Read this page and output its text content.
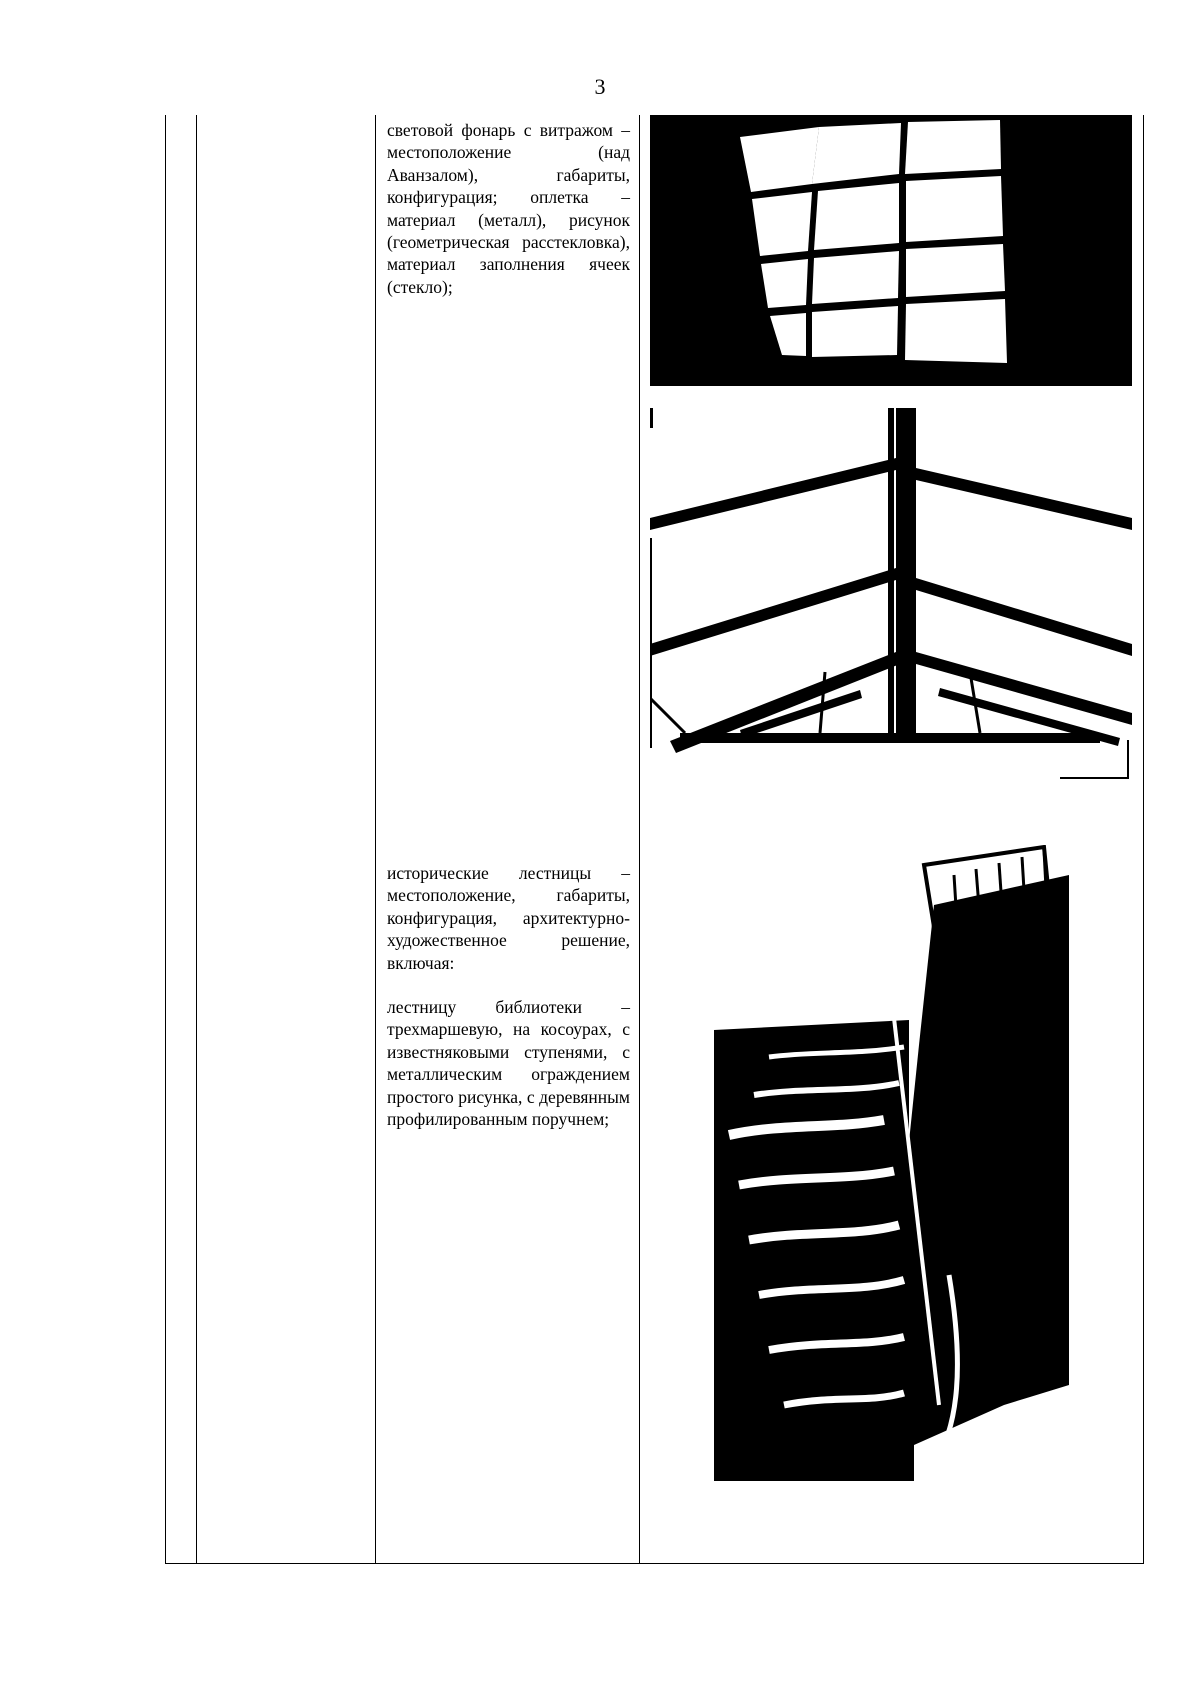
3

световой фонарь с витражом – местоположение (над Аванзалом), габариты, конфигурация; оплетка – материал (металл), рисунок (геометрическая расстекловка), материал заполнения ячеек (стекло);

исторические лестницы – местоположение, габариты, конфигурация, архитектурно-художественное решение, включая:

лестницу библиотеки – трехмаршевую, на косоурах, с известняковыми ступенями, с металлическим ограждением простого рисунка, с деревянным профилированным поручнем;
